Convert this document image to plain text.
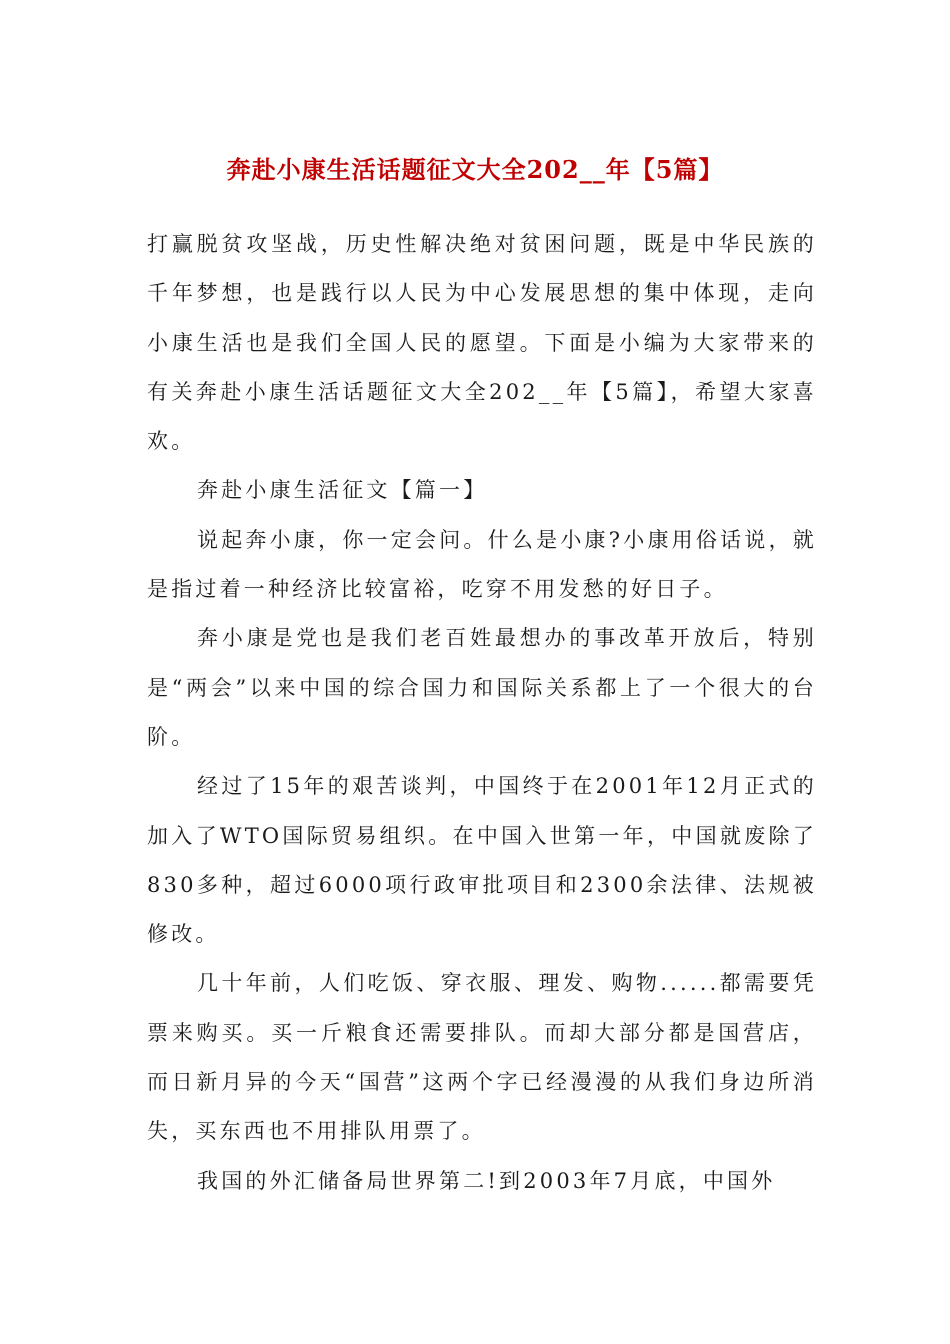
奔赴小康生活话题征文大全202__年【5篇】

打赢脱贫攻坚战，历史性解决绝对贫困问题，既是中华民族的千年梦想，也是践行以人民为中心发展思想的集中体现，走向小康生活也是我们全国人民的愿望。下面是小编为大家带来的有关奔赴小康生活话题征文大全202__年【5篇】，希望大家喜欢。

奔赴小康生活征文【篇一】

说起奔小康，你一定会问。什么是小康?小康用俗话说，就是指过着一种经济比较富裕，吃穿不用发愁的好日子。

奔小康是党也是我们老百姓最想办的事改革开放后，特别是“两会”以来中国的综合国力和国际关系都上了一个很大的台阶。

经过了15年的艰苦谈判，中国终于在2001年12月正式的加入了WTO国际贸易组织。在中国入世第一年，中国就废除了830多种，超过6000项行政审批项目和2300余法律、法规被修改。

几十年前，人们吃饭、穿衣服、理发、购物......都需要凭票来购买。买一斤粮食还需要排队。而却大部分都是国营店，而日新月异的今天“国营”这两个字已经漫漫的从我们身边所消失，买东西也不用排队用票了。

我国的外汇储备局世界第二!到2003年7月底，中国外
